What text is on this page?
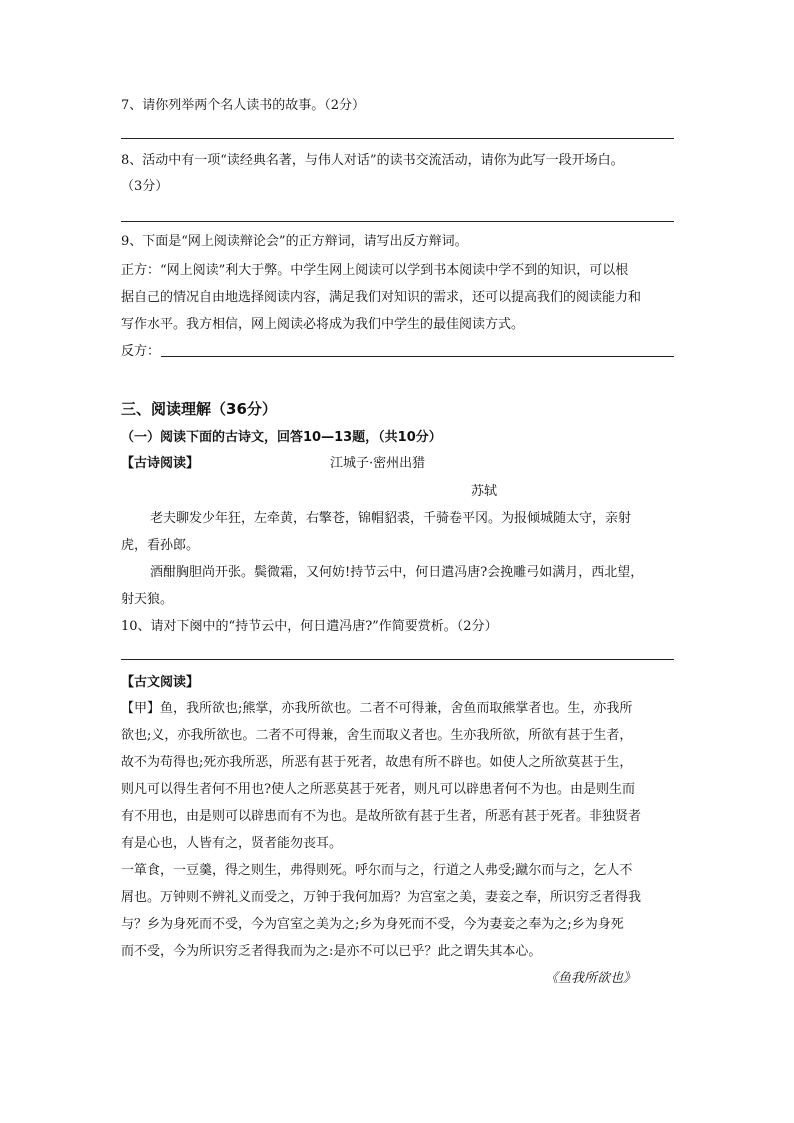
7、请你列举两个名人读书的故事。（2分）
8、活动中有一项“读经典名著，与伟人对话”的读书交流活动，请你为此写一段开场白。
（3分）
9、下面是“网上阅读辩论会”的正方辩词，请写出反方辩词。
正方：“网上阅读”利大于弊。中学生网上阅读可以学到书本阅读中学不到的知识，可以根
据自己的情况自由地选择阅读内容，满足我们对知识的需求，还可以提高我们的阅读能力和
写作水平。我方相信，网上阅读必将成为我们中学生的最佳阅读方式。
反方：
三、阅读理解（36分）
（一）阅读下面的古诗文，回答10—13题，（共10分）
【古诗阅读】	江城子·密州出猎
苏轼
老夫聊发少年狂，左牵黄，右擎苍，锦帽貂裘，千骑卷平冈。为报倾城随太守，亲射
虎，看孙郎。
酒酣胸胆尚开张。鬓微霜，又何妨!持节云中，何日遣冯唐?会挽雕弓如满月，西北望，
射天狼。
10、请对下阕中的“持节云中，何日遣冯唐?”作简要赏析。（2分）
【古文阅读】
【甲】鱼，我所欲也;熊掌，亦我所欲也。二者不可得兼，舍鱼而取熊掌者也。生，亦我所
欲也;义，亦我所欲也。二者不可得兼，舍生而取义者也。生亦我所欲，所欲有甚于生者，
故不为苟得也;死亦我所恶，所恶有甚于死者，故患有所不辟也。如使人之所欲莫甚于生，
则凡可以得生者何不用也?使人之所恶莫甚于死者，则凡可以辟患者何不为也。由是则生而
有不用也，由是则可以辟患而有不为也。是故所欲有甚于生者，所恶有甚于死者。非独贤者
有是心也，人皆有之，贤者能勿丧耳。
一箪食，一豆羹，得之则生，弗得则死。呼尔而与之，行道之人弗受;蹴尔而与之，乞人不
屑也。万钟则不辨礼义而受之，万钟于我何加焉？为宫室之美，妻妾之奉，所识穷乏者得我
与？乡为身死而不受，今为宫室之美为之;乡为身死而不受，今为妻妾之奉为之;乡为身死
而不受，今为所识穷乏者得我而为之:是亦不可以已乎？此之谓失其本心。
《鱼我所欲也》
